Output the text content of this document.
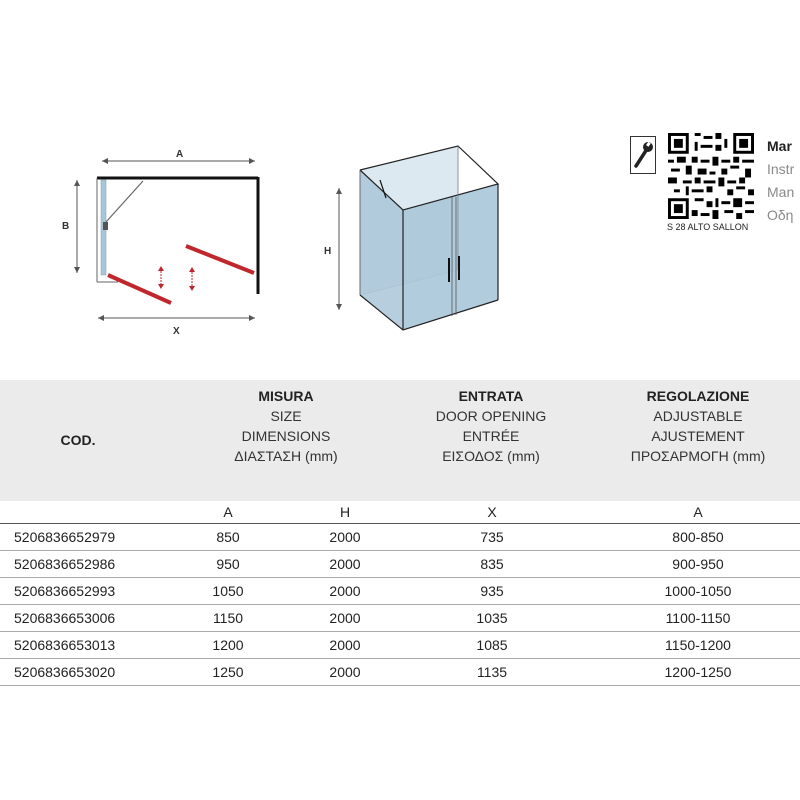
A
B
X
H
S 28 ALTO SALLON
Mar
Instr
Man
Οδη
COD.
MISURA
SIZE
DIMENSIONS
ΔΙΑΣΤΑΣΗ (mm)
ENTRATA
DOOR OPENING
ENTRÉE
ΕΙΣΟΔΟΣ (mm)
REGOLAZIONE
ADJUSTABLE
AJUSTEMENT
ΠΡΟΣΑΡΜΟΓΗ (mm)
A	H	X	A
5206836652979	850	2000	735	800-850
5206836652986	950	2000	835	900-950
5206836652993	1050	2000	935	1000-1050
5206836653006	1150	2000	1035	1100-1150
5206836653013	1200	2000	1085	1150-1200
5206836653020	1250	2000	1135	1200-1250
